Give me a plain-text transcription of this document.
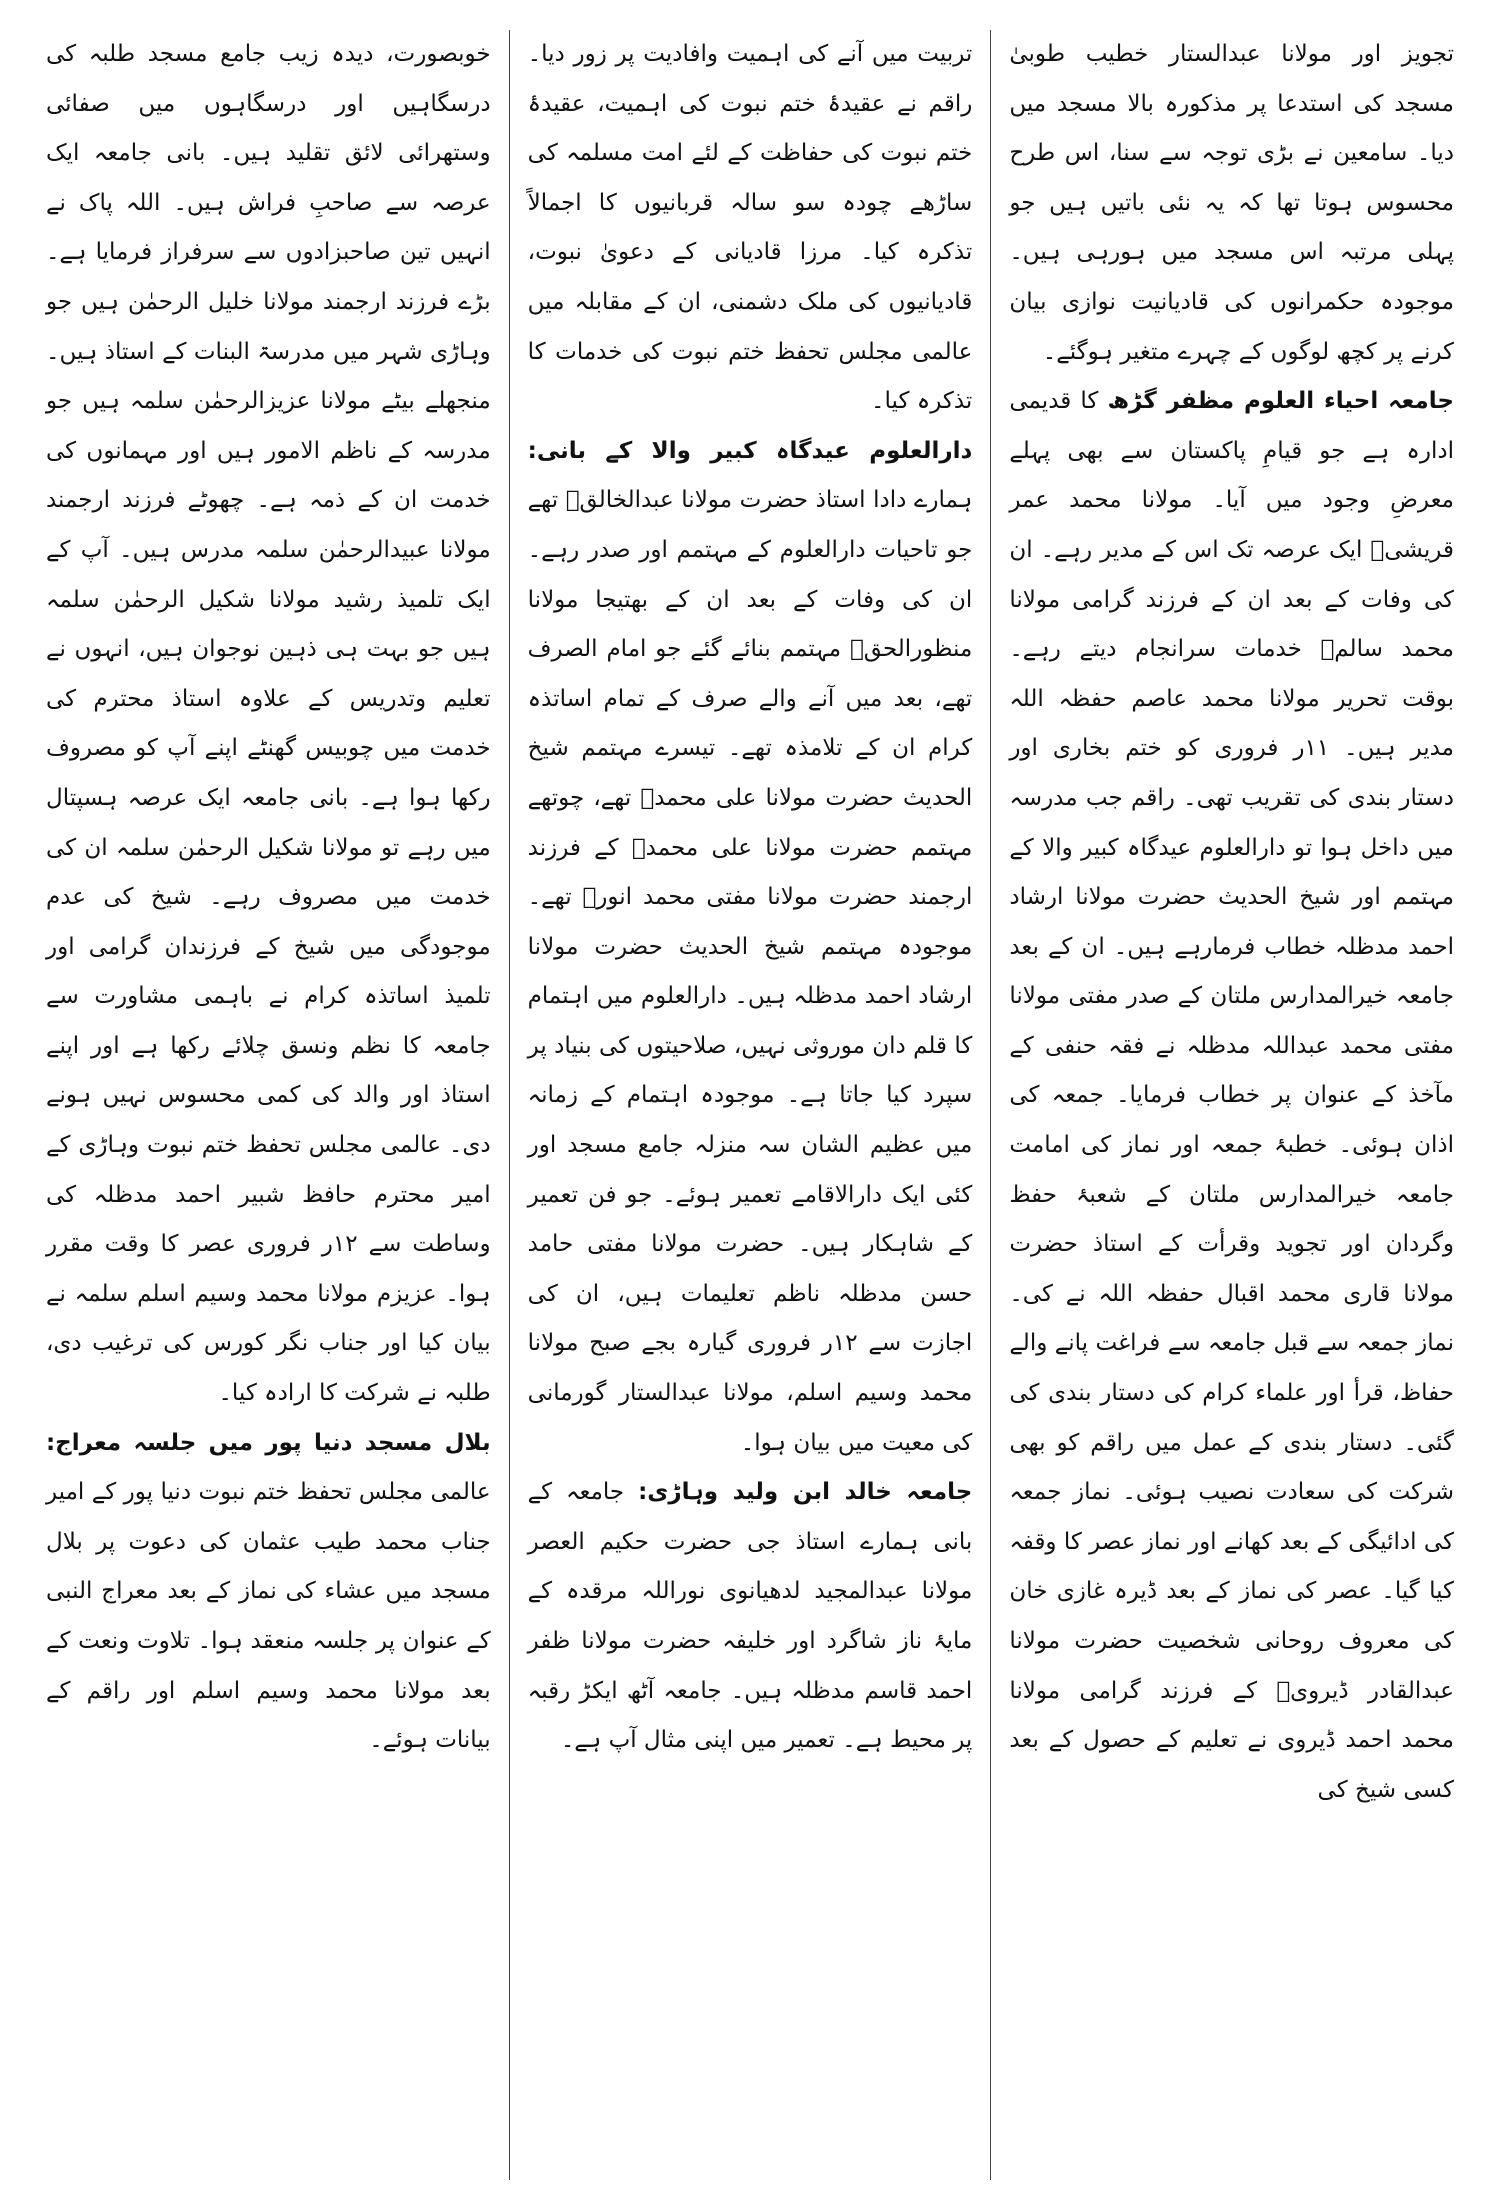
تجویز اور مولانا عبدالستار خطیب طوبیٰ مسجد کی استدعا پر مذکورہ بالا مسجد میں دیا۔ سامعین نے بڑی توجہ سے سنا، اس طرح محسوس ہوتا تھا کہ یہ نئی باتیں ہیں جو پہلی مرتبہ اس مسجد میں ہورہی ہیں۔ موجودہ حکمرانوں کی قادیانیت نوازی بیان کرنے پر کچھ لوگوں کے چہرے متغیر ہوگئے۔

جامعہ احیاء العلوم مظفر گڑھ کا قدیمی ادارہ ہے جو قیامِ پاکستان سے بھی پہلے معرضِ وجود میں آیا۔ مولانا محمد عمر قریشیؒ ایک عرصہ تک اس کے مدیر رہے۔ ان کی وفات کے بعد ان کے فرزند گرامی مولانا محمد سالمؒ خدمات سرانجام دیتے رہے۔ بوقت تحریر مولانا محمد عاصم حفظہ اللہ مدیر ہیں۔ ۱۱ر فروری کو ختم بخاری اور دستار بندی کی تقریب تھی۔ راقم جب مدرسہ میں داخل ہوا تو دارالعلوم عیدگاہ کبیر والا کے مہتمم اور شیخ الحدیث حضرت مولانا ارشاد احمد مدظلہ خطاب فرمارہے ہیں۔ ان کے بعد جامعہ خیرالمدارس ملتان کے صدر مفتی مولانا مفتی محمد عبداللہ مدظلہ نے فقہ حنفی کے مآخذ کے عنوان پر خطاب فرمایا۔ جمعہ کی اذان ہوئی۔ خطبۂ جمعہ اور نماز کی امامت جامعہ خیرالمدارس ملتان کے شعبۂ حفظ وگردان اور تجوید وقرأت کے استاذ حضرت مولانا قاری محمد اقبال حفظہ اللہ نے کی۔ نماز جمعہ سے قبل جامعہ سے فراغت پانے والے حفاظ، قرأ اور علماء کرام کی دستار بندی کی گئی۔ دستار بندی کے عمل میں راقم کو بھی شرکت کی سعادت نصیب ہوئی۔ نماز جمعہ کی ادائیگی کے بعد کھانے اور نماز عصر کا وقفہ کیا گیا۔ عصر کی نماز کے بعد ڈیرہ غازی خان کی معروف روحانی شخصیت حضرت مولانا عبدالقادر ڈیرویؒ کے فرزند گرامی مولانا محمد احمد ڈیروی نے تعلیم کے حصول کے بعد کسی شیخ کی

تربیت میں آنے کی اہمیت وافادیت پر زور دیا۔ راقم نے عقیدۂ ختم نبوت کی اہمیت، عقیدۂ ختم نبوت کی حفاظت کے لئے امت مسلمہ کی ساڑھے چودہ سو سالہ قربانیوں کا اجمالاً تذکرہ کیا۔ مرزا قادیانی کے دعویٰ نبوت، قادیانیوں کی ملک دشمنی، ان کے مقابلہ میں عالمی مجلس تحفظ ختم نبوت کی خدمات کا تذکرہ کیا۔

دارالعلوم عیدگاہ کبیر والا کے بانی: ہمارے دادا استاذ حضرت مولانا عبدالخالقؒ تھے جو تاحیات دارالعلوم کے مہتمم اور صدر رہے۔ ان کی وفات کے بعد ان کے بھتیجا مولانا منظورالحقؒ مہتمم بنائے گئے جو امام الصرف تھے، بعد میں آنے والے صرف کے تمام اساتذہ کرام ان کے تلامذہ تھے۔ تیسرے مہتمم شیخ الحدیث حضرت مولانا علی محمدؒ تھے، چوتھے مہتمم حضرت مولانا علی محمدؒ کے فرزند ارجمند حضرت مولانا مفتی محمد انورؒ تھے۔ موجودہ مہتمم شیخ الحدیث حضرت مولانا ارشاد احمد مدظلہ ہیں۔ دارالعلوم میں اہتمام کا قلم دان موروثی نہیں، صلاحیتوں کی بنیاد پر سپرد کیا جاتا ہے۔ موجودہ اہتمام کے زمانہ میں عظیم الشان سہ منزلہ جامع مسجد اور کئی ایک دارالاقامے تعمیر ہوئے۔ جو فن تعمیر کے شاہکار ہیں۔ حضرت مولانا مفتی حامد حسن مدظلہ ناظم تعلیمات ہیں، ان کی اجازت سے ۱۲ر فروری گیارہ بجے صبح مولانا محمد وسیم اسلم، مولانا عبدالستار گورمانی کی معیت میں بیان ہوا۔

جامعہ خالد ابن ولید وہاڑی: جامعہ کے بانی ہمارے استاذ جی حضرت حکیم العصر مولانا عبدالمجید لدھیانوی نوراللہ مرقدہ کے مایۂ ناز شاگرد اور خلیفہ حضرت مولانا ظفر احمد قاسم مدظلہ ہیں۔ جامعہ آٹھ ایکڑ رقبہ پر محیط ہے۔ تعمیر میں اپنی مثال آپ ہے۔

خوبصورت، دیدہ زیب جامع مسجد طلبہ کی درسگاہیں اور درسگاہوں میں صفائی وستھرائی لائق تقلید ہیں۔ بانی جامعہ ایک عرصہ سے صاحبِ فراش ہیں۔ اللہ پاک نے انہیں تین صاحبزادوں سے سرفراز فرمایا ہے۔ بڑے فرزند ارجمند مولانا خلیل الرحمٰن ہیں جو وہاڑی شہر میں مدرسۃ البنات کے استاذ ہیں۔ منجھلے بیٹے مولانا عزیزالرحمٰن سلمہ ہیں جو مدرسہ کے ناظم الامور ہیں اور مہمانوں کی خدمت ان کے ذمہ ہے۔ چھوٹے فرزند ارجمند مولانا عبیدالرحمٰن سلمہ مدرس ہیں۔ آپ کے ایک تلمیذ رشید مولانا شکیل الرحمٰن سلمہ ہیں جو بہت ہی ذہین نوجوان ہیں، انہوں نے تعلیم وتدریس کے علاوہ استاذ محترم کی خدمت میں چوبیس گھنٹے اپنے آپ کو مصروف رکھا ہوا ہے۔ بانی جامعہ ایک عرصہ ہسپتال میں رہے تو مولانا شکیل الرحمٰن سلمہ ان کی خدمت میں مصروف رہے۔ شیخ کی عدم موجودگی میں شیخ کے فرزندان گرامی اور تلمیذ اساتذہ کرام نے باہمی مشاورت سے جامعہ کا نظم ونسق چلائے رکھا ہے اور اپنے استاذ اور والد کی کمی محسوس نہیں ہونے دی۔ عالمی مجلس تحفظ ختم نبوت وہاڑی کے امیر محترم حافظ شبیر احمد مدظلہ کی وساطت سے ۱۲ر فروری عصر کا وقت مقرر ہوا۔ عزیزم مولانا محمد وسیم اسلم سلمہ نے بیان کیا اور جناب نگر کورس کی ترغیب دی، طلبہ نے شرکت کا ارادہ کیا۔

بلال مسجد دنیا پور میں جلسہ معراج: عالمی مجلس تحفظ ختم نبوت دنیا پور کے امیر جناب محمد طیب عثمان کی دعوت پر بلال مسجد میں عشاء کی نماز کے بعد معراج النبی کے عنوان پر جلسہ منعقد ہوا۔ تلاوت ونعت کے بعد مولانا محمد وسیم اسلم اور راقم کے بیانات ہوئے۔
